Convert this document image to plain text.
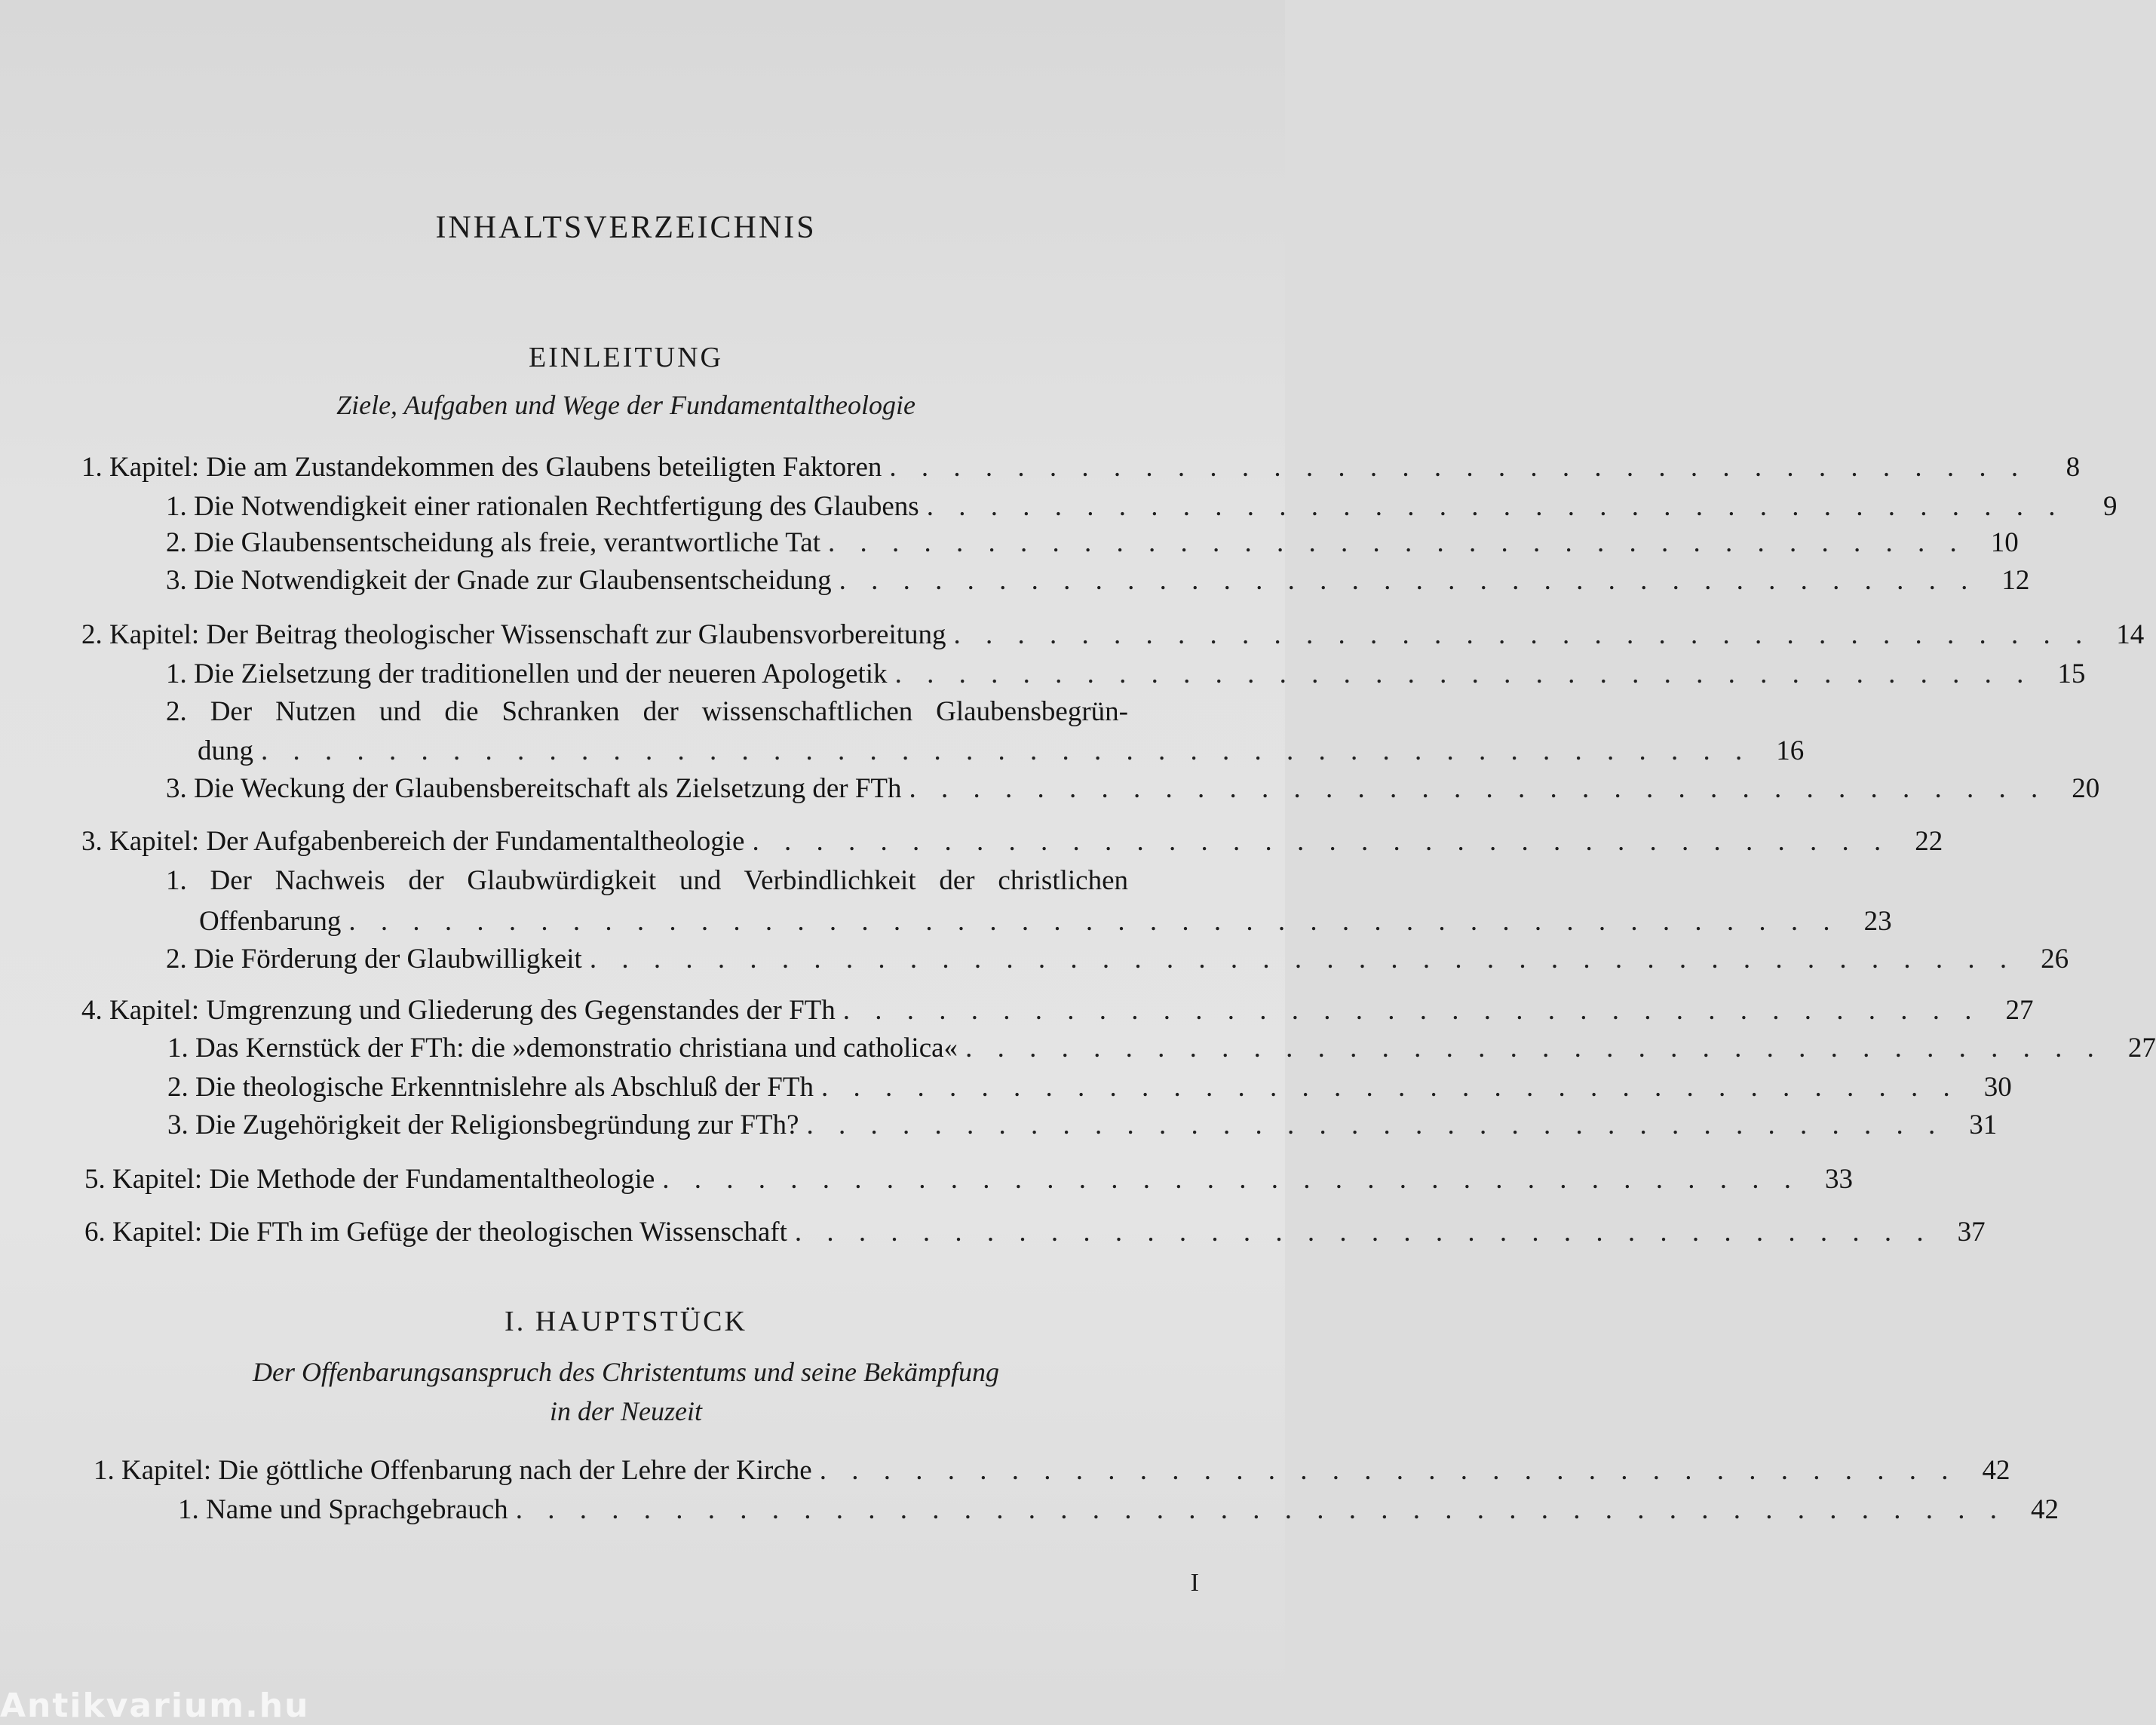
INHALTSVERZEICHNIS
EINLEITUNG
Ziele, Aufgaben und Wege der Fundamentaltheologie
1. Kapitel: Die am Zustandekommen des Glaubens beteiligten Faktoren . . . . . . . . . . . . . . . . . . . . . . . . . . . . . . . . . . . .	8
1. Die Notwendigkeit einer rationalen Rechtfertigung des Glaubens . . . . . . . . . . . . . . . . . . . . . . . . . . . . . . . . . . . .	9
2. Die Glaubensentscheidung als freie, verantwortliche Tat . . . . . . . . . . . . . . . . . . . . . . . . . . . . . . . . . . . . 10
3. Die Notwendigkeit der Gnade zur Glaubensentscheidung . . . . . . . . . . . . . . . . . . . . . . . . . . . . . . . . . . . . 12
2. Kapitel: Der Beitrag theologischer Wissenschaft zur Glaubensvorbereitung . . . . . . . . . . . . . . . . . . . . . . . . . . . . . . . . . . . . 14
1. Die Zielsetzung der traditionellen und der neueren Apologetik . . . . . . . . . . . . . . . . . . . . . . . . . . . . . . . . . . . . 15
2. Der Nutzen und die Schranken der wissenschaftlichen Glaubensbegrün-
dung . . . . . . . . . . . . . . . . . . . . . . . . . . . . . . . . . . . . . . . . . . . . . . . 16
3. Die Weckung der Glaubensbereitschaft als Zielsetzung der FTh . . . . . . . . . . . . . . . . . . . . . . . . . . . . . . . . . . . . 20
3. Kapitel: Der Aufgabenbereich der Fundamentaltheologie . . . . . . . . . . . . . . . . . . . . . . . . . . . . . . . . . . . . 22
1. Der Nachweis der Glaubwürdigkeit und Verbindlichkeit der christlichen
Offenbarung . . . . . . . . . . . . . . . . . . . . . . . . . . . . . . . . . . . . . . . . . . . . . . . 23
2. Die Förderung der Glaubwilligkeit . . . . . . . . . . . . . . . . . . . . . . . . . . . . . . . . . . . . . . . . . . . . . 26
4. Kapitel: Umgrenzung und Gliederung des Gegenstandes der FTh . . . . . . . . . . . . . . . . . . . . . . . . . . . . . . . . . . . . 27
1. Das Kernstück der FTh: die »demonstratio christiana und catholica« . . . . . . . . . . . . . . . . . . . . . . . . . . . . . . . . . . . . 27
2. Die theologische Erkenntnislehre als Abschluß der FTh . . . . . . . . . . . . . . . . . . . . . . . . . . . . . . . . . . . . 30
3. Die Zugehörigkeit der Religionsbegründung zur FTh? . . . . . . . . . . . . . . . . . . . . . . . . . . . . . . . . . . . . 31
5. Kapitel: Die Methode der Fundamentaltheologie . . . . . . . . . . . . . . . . . . . . . . . . . . . . . . . . . . . . 33
6. Kapitel: Die FTh im Gefüge der theologischen Wissenschaft . . . . . . . . . . . . . . . . . . . . . . . . . . . . . . . . . . . . 37
I. HAUPTSTÜCK
Der Offenbarungsanspruch des Christentums und seine Bekämpfung
in der Neuzeit
1. Kapitel: Die göttliche Offenbarung nach der Lehre der Kirche . . . . . . . . . . . . . . . . . . . . . . . . . . . . . . . . . . . . 42
1. Name und Sprachgebrauch . . . . . . . . . . . . . . . . . . . . . . . . . . . . . . . . . . . . . . . . . . . . . . . 42
I
Antikvarium.hu
